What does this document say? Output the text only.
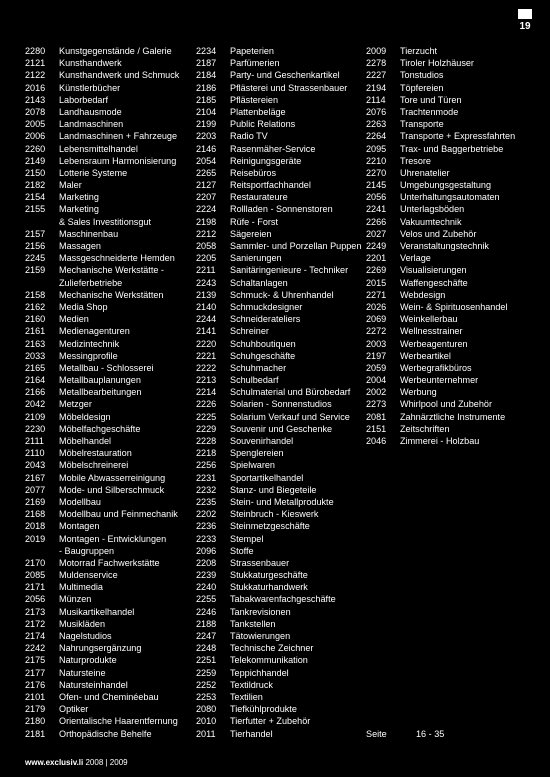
19
2280	Kunstgegenstände / Galerie
2121	Kunsthandwerk
2122	Kunsthandwerk und Schmuck
2016	Künstlerbücher
2143	Laborbedarf
2078	Landhausmode
2005	Landmaschinen
2006	Landmaschinen + Fahrzeuge
2260	Lebensmittelhandel
2149	Lebensraum Harmonisierung
2150	Lotterie Systeme
2182	Maler
2154	Marketing
2155	Marketing
& Sales Investitionsgut
2157	Maschinenbau
2156	Massagen
2245	Massgeschneiderte Hemden
2159	Mechanische Werkstätte -
Zulieferbetriebe
2158	Mechanische Werkstätten
2162	Media Shop
2160	Medien
2161	Medienagenturen
2163	Medizintechnik
2033	Messingprofile
2165	Metallbau - Schlosserei
2164	Metallbauplanungen
2166	Metallbearbeitungen
2042	Metzger
2109	Möbeldesign
2230	Möbelfachgeschäfte
2111	Möbelhandel
2110	Möbelrestauration
2043	Möbelschreinerei
2167	Mobile Abwasserreinigung
2077	Mode- und Silberschmuck
2169	Modellbau
2168	Modellbau und Feinmechanik
2018	Montagen
2019	Montagen - Entwicklungen
- Baugruppen
2170	Motorrad Fachwerkstätte
2085	Muldenservice
2171	Multimedia
2056	Münzen
2173	Musikartikelhandel
2172	Musikläden
2174	Nagelstudios
2242	Nahrungsergänzung
2175	Naturprodukte
2177	Natursteine
2176	Natursteinhandel
2101	Ofen- und Cheminéebau
2179	Optiker
2180	Orientalische Haarentfernung
2181	Orthopädische Behelfe
2234	Papeterien
2187	Parfümerien
2184	Party- und Geschenkartikel
2186	Pflästerei und Strassenbauer
2185	Pflästereien
2104	Plattenbeläge
2199	Public Relations
2203	Radio TV
2146	Rasenmäher-Service
2054	Reinigungsgeräte
2265	Reisebüros
2127	Reitsportfachhandel
2207	Restaurateure
2224	Rollladen - Sonnenstoren
2198	Rüfe - Forst
2212	Sägereien
2058	Sammler- und Porzellan Puppen
2205	Sanierungen
2211	Sanitäringenieure - Techniker
2243	Schaltanlagen
2139	Schmuck- & Uhrenhandel
2140	Schmuckdesigner
2244	Schneiderateliers
2141	Schreiner
2220	Schuhboutiquen
2221	Schuhgeschäfte
2222	Schuhmacher
2213	Schulbedarf
2214	Schulmaterial und Bürobedarf
2226	Solarien - Sonnenstudios
2225	Solarium Verkauf und Service
2229	Souvenir und Geschenke
2228	Souvenirhandel
2218	Spenglereien
2256	Spielwaren
2231	Sportartikelhandel
2232	Stanz- und Biegeteile
2235	Stein- und Metallprodukte
2202	Steinbruch - Kieswerk
2236	Steinmetzgeschäfte
2233	Stempel
2096	Stoffe
2208	Strassenbauer
2239	Stukkaturgeschäfte
2240	Stukkaturhandwerk
2255	Tabakwarenfachgeschäfte
2246	Tankrevisionen
2188	Tankstellen
2247	Tätowierungen
2248	Technische Zeichner
2251	Telekommunikation
2259	Teppichhandel
2252	Textildruck
2253	Textilien
2080	Tiefkühlprodukte
2010	Tierfutter + Zubehör
2011	Tierhandel
2009	Tierzucht
2278	Tiroler Holzhäuser
2227	Tonstudios
2194	Töpfereien
2114	Tore und Türen
2076	Trachtenmode
2263	Transporte
2264	Transporte + Expressfahrten
2095	Trax- und Baggerbetriebe
2210	Tresore
2270	Uhrenatelier
2145	Umgebungsgestaltung
2056	Unterhaltungsautomaten
2241	Unterlagsböden
2266	Vakuumtechnik
2027	Velos und Zubehör
2249	Veranstaltungstechnik
2201	Verlage
2269	Visualisierungen
2015	Waffengeschäfte
2271	Webdesign
2026	Wein- & Spirituosenhandel
2069	Weinkellerbau
2272	Wellnesstrainer
2003	Werbeagenturen
2197	Werbeartikel
2059	Werbegrafikbüros
2004	Werbeunternehmer
2002	Werbung
2273	Whirlpool und Zubehör
2081	Zahnärztliche Instrumente
2151	Zeitschriften
2046	Zimmerei - Holzbau
Seite	16 - 35
www.exclusiv.li 2008 | 2009
